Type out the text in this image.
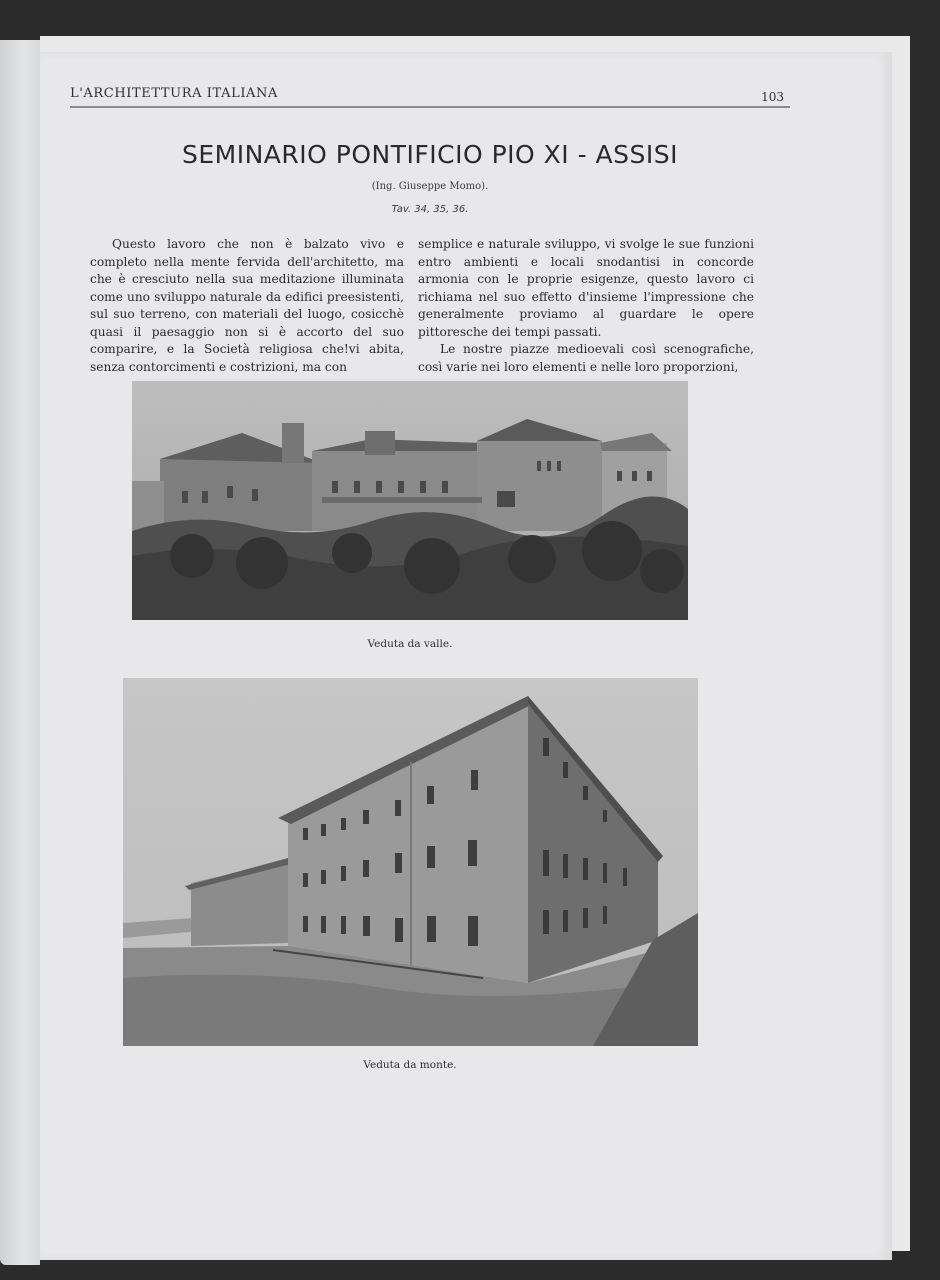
L'ARCHITETTURA ITALIANA	103
SEMINARIO PONTIFICIO PIO XI - ASSISI
(Ing. Giuseppe Momo).
Tav. 34, 35, 36.

Questo lavoro che non è balzato vivo e completo nella mente fervida dell'architetto, ma che è cresciuto nella sua meditazione illuminata come uno sviluppo naturale da edifici preesistenti, sul suo terreno, con materiali del luogo, cosicchè quasi il paesaggio non si è accorto del suo comparire, e la Società religiosa che!vi abita, senza contorcimenti e costrizioni, ma con

semplice e naturale sviluppo, vi svolge le sue funzioni entro ambienti e locali snodantisi in concorde armonia con le proprie esigenze, questo lavoro ci richiama nel suo effetto d'insieme l'impressione che generalmente proviamo al guardare le opere pittoresche dei tempi passati.

Le nostre piazze medioevali così scenografiche, così varie nei loro elementi e nelle loro proporzioni,

Veduta da valle.
Veduta da monte.
